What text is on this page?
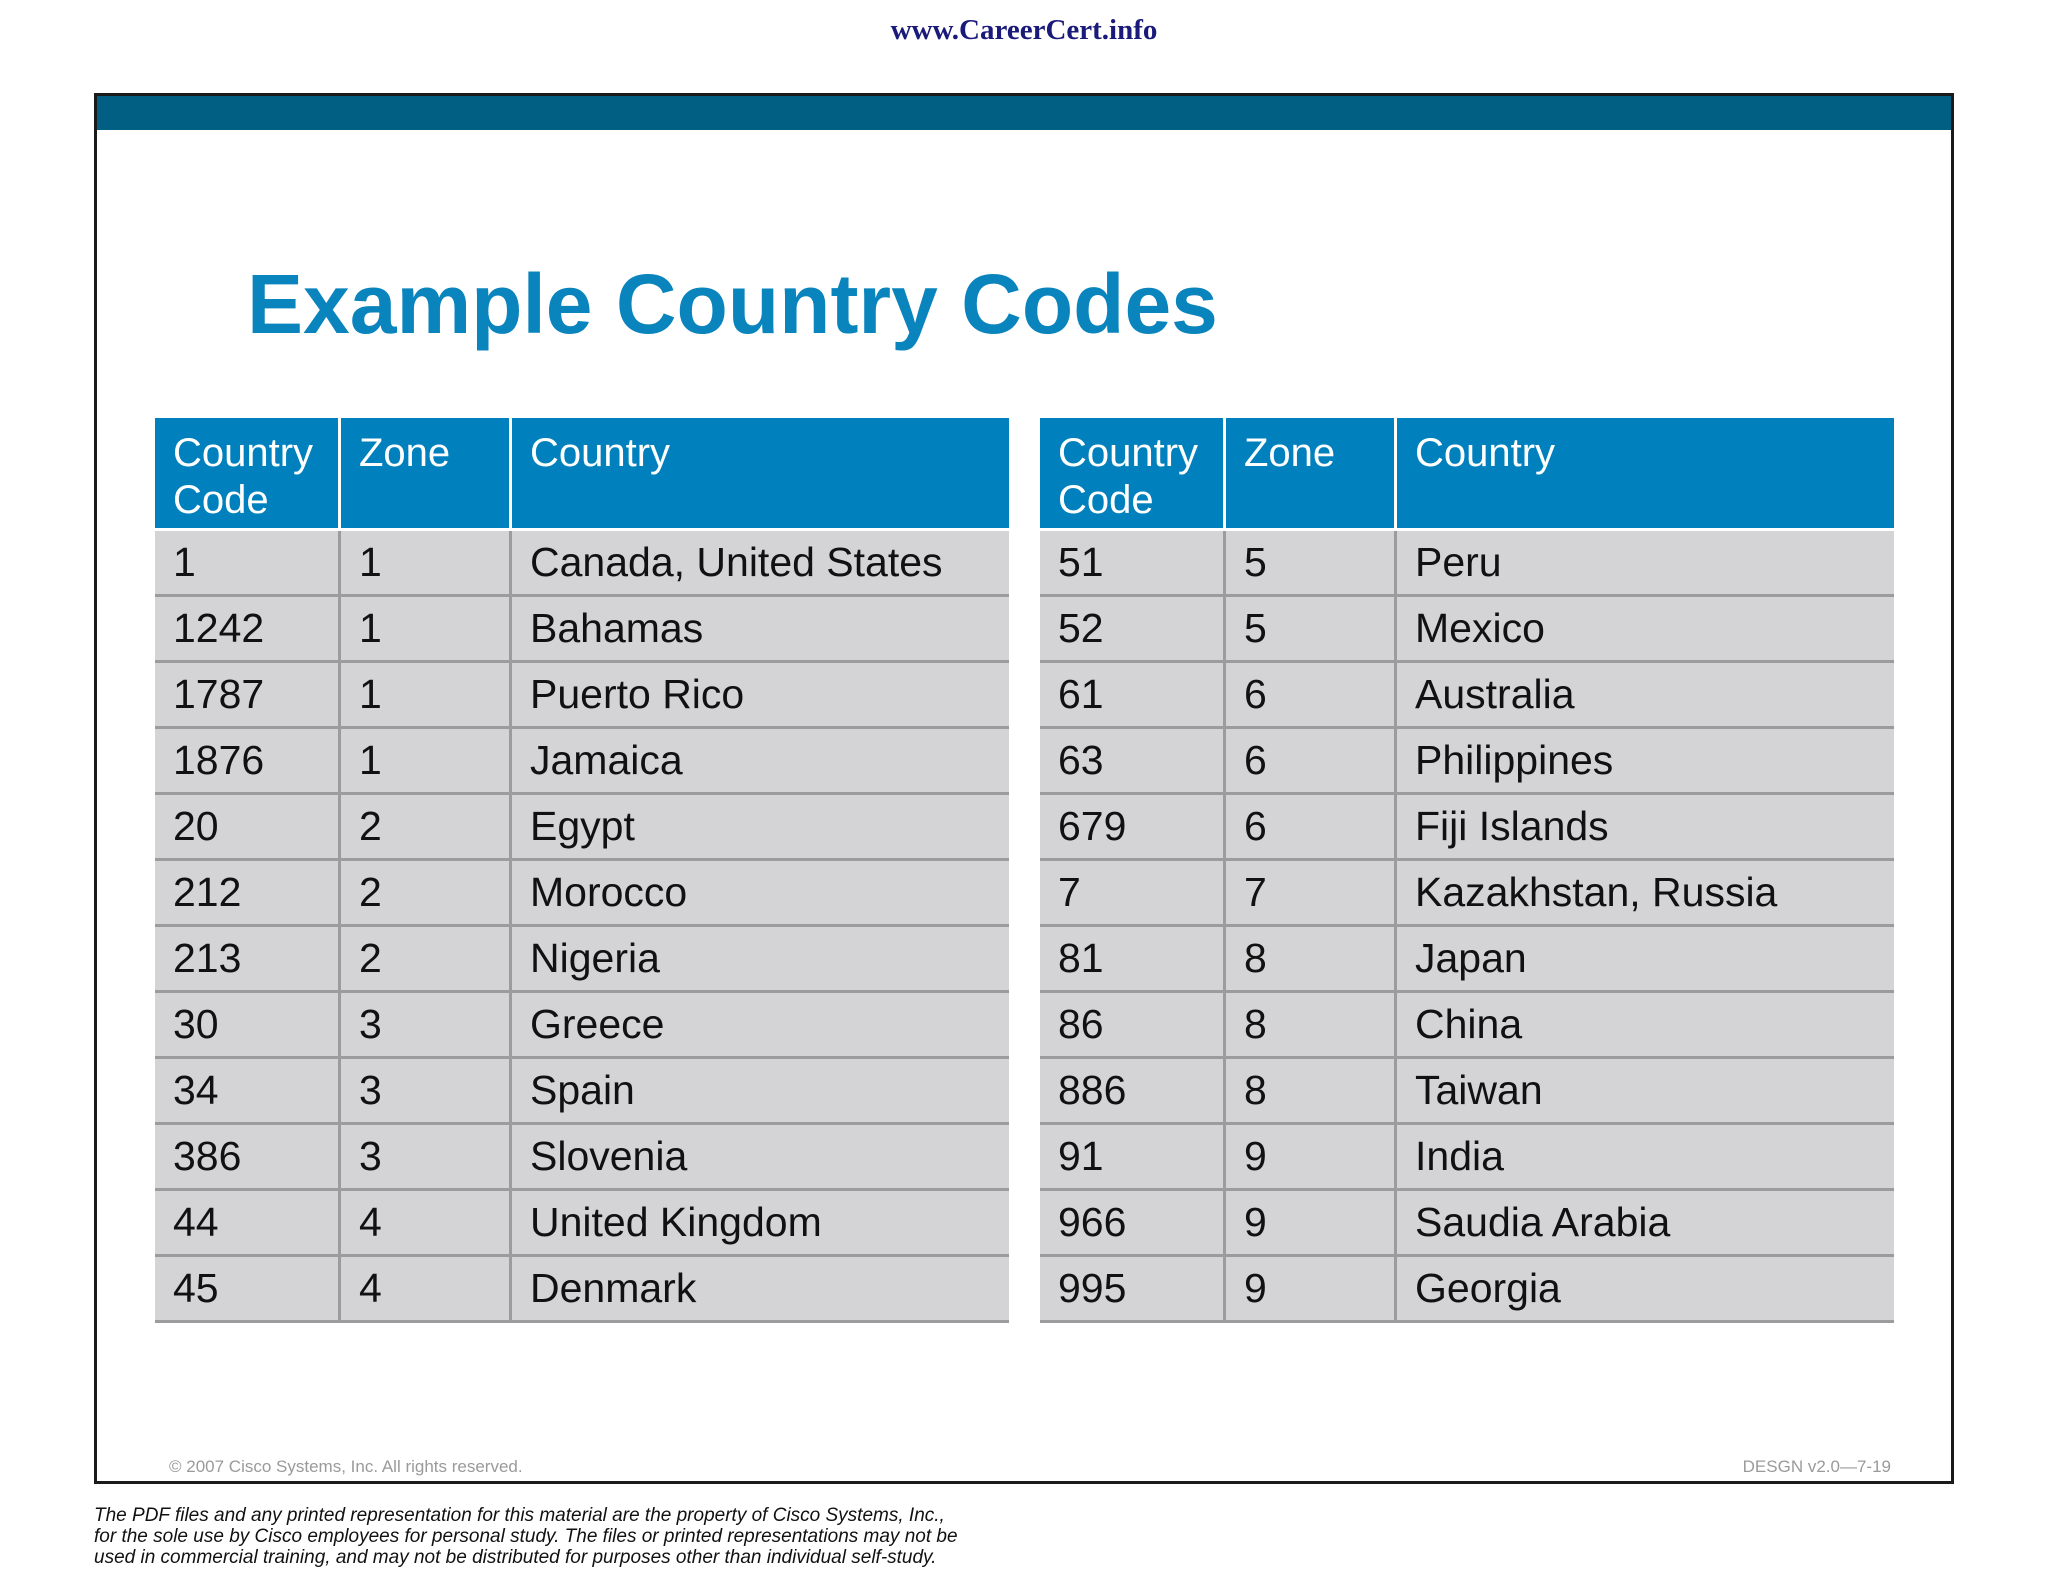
www.CareerCert.info
Example Country Codes
Country Code	Zone	Country
1	1	Canada, United States
1242	1	Bahamas
1787	1	Puerto Rico
1876	1	Jamaica
20	2	Egypt
212	2	Morocco
213	2	Nigeria
30	3	Greece
34	3	Spain
386	3	Slovenia
44	4	United Kingdom
45	4	Denmark
Country Code	Zone	Country
51	5	Peru
52	5	Mexico
61	6	Australia
63	6	Philippines
679	6	Fiji Islands
7	7	Kazakhstan, Russia
81	8	Japan
86	8	China
886	8	Taiwan
91	9	India
966	9	Saudia Arabia
995	9	Georgia
© 2007 Cisco Systems, Inc. All rights reserved.	DESGN v2.0—7-19
The PDF files and any printed representation for this material are the property of Cisco Systems, Inc.,
for the sole use by Cisco employees for personal study. The files or printed representations may not be
used in commercial training, and may not be distributed for purposes other than individual self-study.
